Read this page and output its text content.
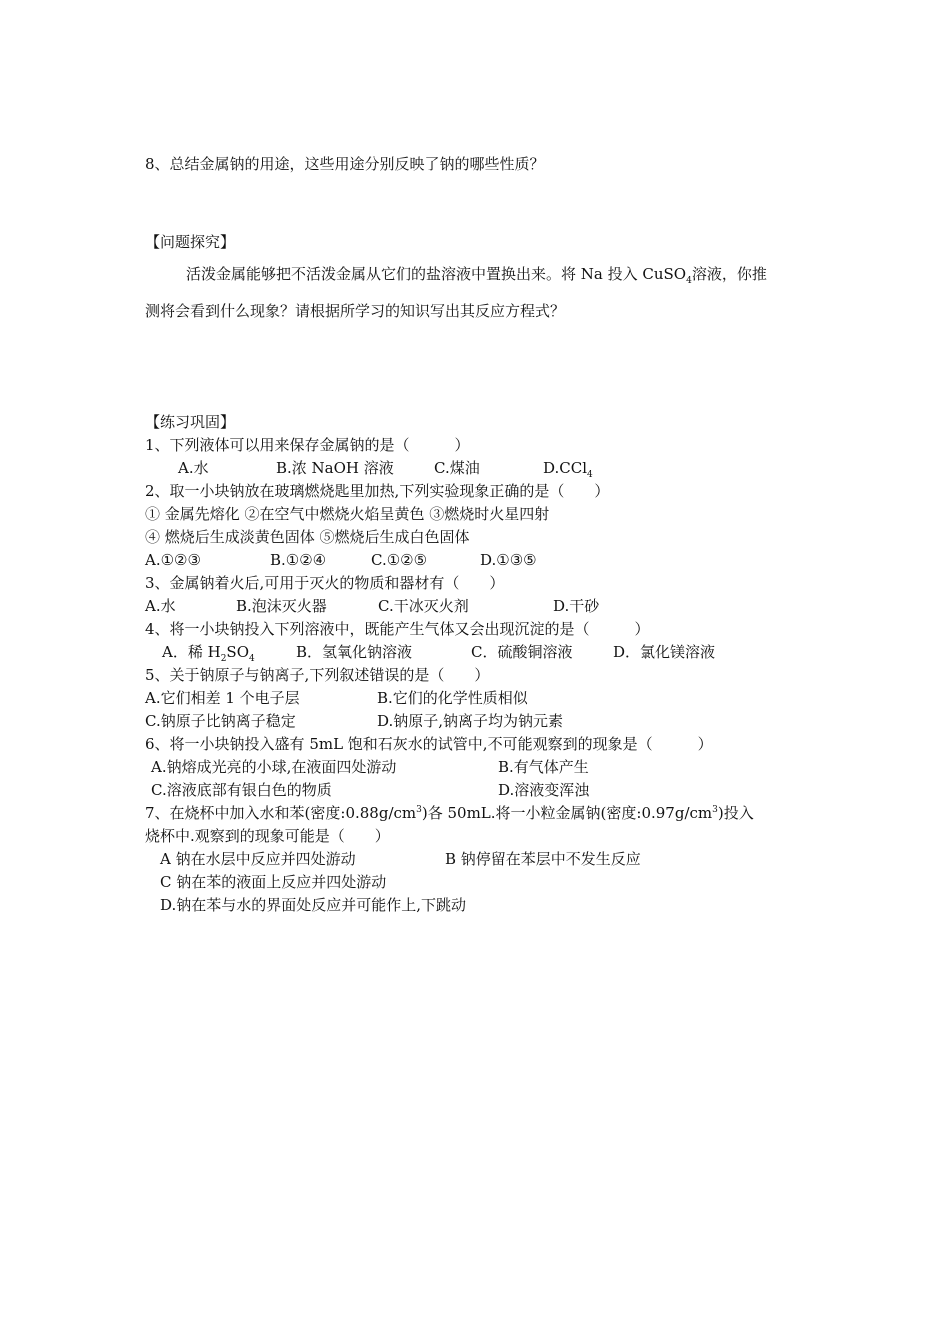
8、总结金属钠的用途，这些用途分别反映了钠的哪些性质？
【问题探究】
活泼金属能够把不活泼金属从它们的盐溶液中置换出来。将 Na 投入 CuSO$_4$溶液，你推
测将会看到什么现象？请根据所学习的知识写出其反应方程式？
【练习巩固】
1、下列液体可以用来保存金属钠的是（　　　）
A.水	B.浓 NaOH 溶液	C.煤油	D.CCl$_4$
2、取一小块钠放在玻璃燃烧匙里加热,下列实验现象正确的是（　　）
① 金属先熔化 ②在空气中燃烧火焰呈黄色 ③燃烧时火星四射
④ 燃烧后生成淡黄色固体 ⑤燃烧后生成白色固体
A.①②③	B.①②④	C.①②⑤	D.①③⑤
3、金属钠着火后,可用于灭火的物质和器材有（　　）
A.水	B.泡沫灭火器	C.干冰灭火剂	D.干砂
4、将一小块钠投入下列溶液中，既能产生气体又会出现沉淀的是（　　　）
A．稀 $H_2SO_4$	B．氢氧化钠溶液	C．硫酸铜溶液	D．氯化镁溶液
5、关于钠原子与钠离子,下列叙述错误的是（　　）
A.它们相差 1 个电子层	B.它们的化学性质相似
C.钠原子比钠离子稳定	D.钠原子,钠离子均为钠元素
6、将一小块钠投入盛有 5mL 饱和石灰水的试管中,不可能观察到的现象是（　　　）
A.钠熔成光亮的小球,在液面四处游动	B.有气体产生
C.溶液底部有银白色的物质	D.溶液变浑浊
7、在烧杯中加入水和苯(密度$:0.88g/cm^3$)各 50mL.将一小粒金属钠(密度$:0.97g/cm^3$)投入
烧杯中.观察到的现象可能是（　　）
A 钠在水层中反应并四处游动	B 钠停留在苯层中不发生反应
C 钠在苯的液面上反应并四处游动
D.钠在苯与水的界面处反应并可能作上,下跳动
